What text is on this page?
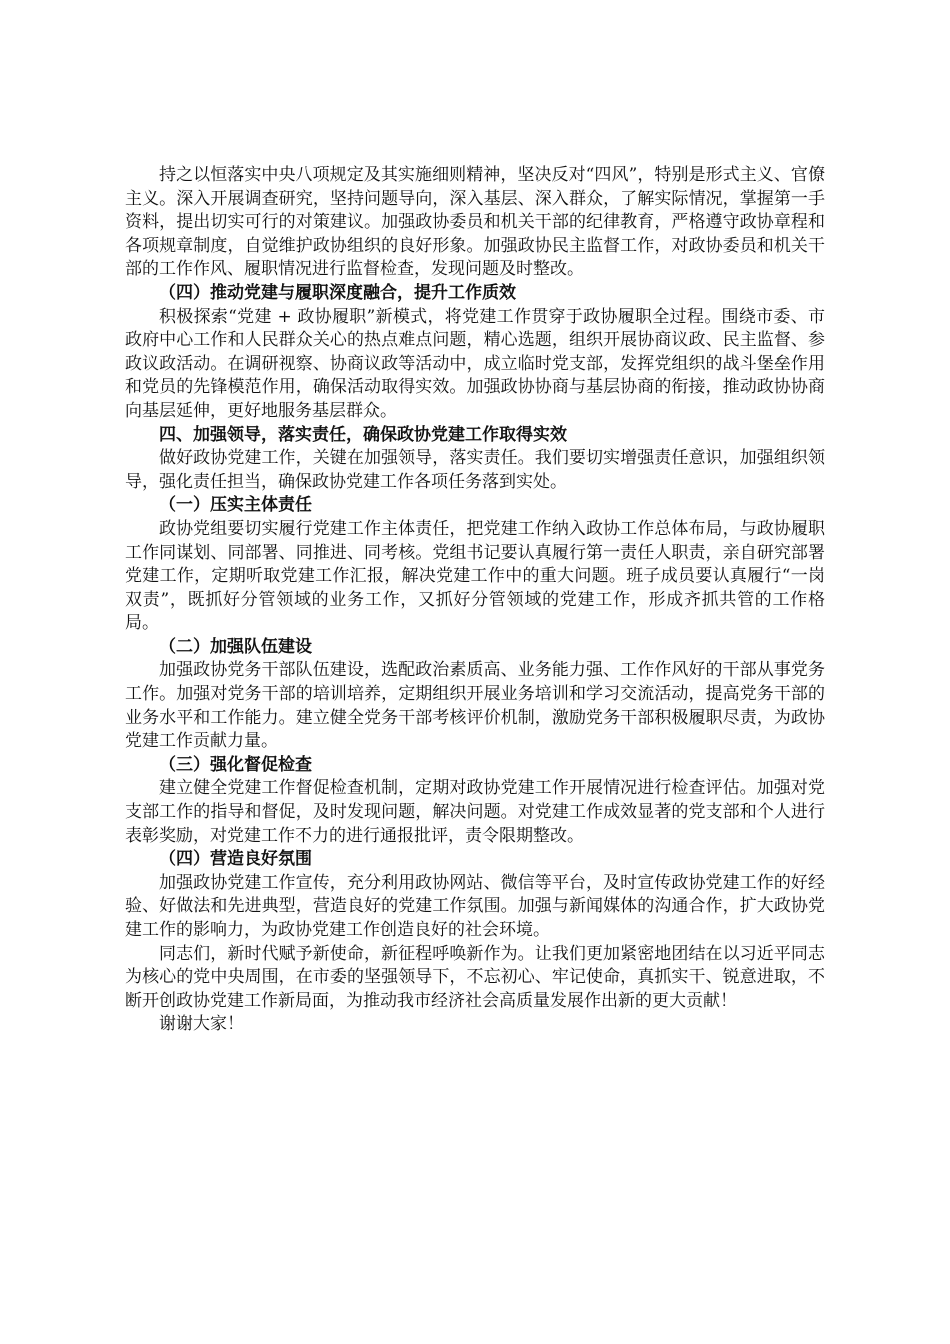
持之以恒落实中央八项规定及其实施细则精神，坚决反对“四风”，特别是形式主义、官僚主义。深入开展调查研究，坚持问题导向，深入基层、深入群众，了解实际情况，掌握第一手资料，提出切实可行的对策建议。加强政协委员和机关干部的纪律教育，严格遵守政协章程和各项规章制度，自觉维护政协组织的良好形象。加强政协民主监督工作，对政协委员和机关干部的工作作风、履职情况进行监督检查，发现问题及时整改。

（四）推动党建与履职深度融合，提升工作质效

积极探索“党建 + 政协履职”新模式，将党建工作贯穿于政协履职全过程。围绕市委、市政府中心工作和人民群众关心的热点难点问题，精心选题，组织开展协商议政、民主监督、参政议政活动。在调研视察、协商议政等活动中，成立临时党支部，发挥党组织的战斗堡垒作用和党员的先锋模范作用，确保活动取得实效。加强政协协商与基层协商的衔接，推动政协协商向基层延伸，更好地服务基层群众。

四、加强领导，落实责任，确保政协党建工作取得实效

做好政协党建工作，关键在加强领导，落实责任。我们要切实增强责任意识，加强组织领导，强化责任担当，确保政协党建工作各项任务落到实处。

（一）压实主体责任

政协党组要切实履行党建工作主体责任，把党建工作纳入政协工作总体布局，与政协履职工作同谋划、同部署、同推进、同考核。党组书记要认真履行第一责任人职责，亲自研究部署党建工作，定期听取党建工作汇报，解决党建工作中的重大问题。班子成员要认真履行“一岗双责”，既抓好分管领域的业务工作，又抓好分管领域的党建工作，形成齐抓共管的工作格局。

（二）加强队伍建设

加强政协党务干部队伍建设，选配政治素质高、业务能力强、工作作风好的干部从事党务工作。加强对党务干部的培训培养，定期组织开展业务培训和学习交流活动，提高党务干部的业务水平和工作能力。建立健全党务干部考核评价机制，激励党务干部积极履职尽责，为政协党建工作贡献力量。

（三）强化督促检查

建立健全党建工作督促检查机制，定期对政协党建工作开展情况进行检查评估。加强对党支部工作的指导和督促，及时发现问题，解决问题。对党建工作成效显著的党支部和个人进行表彰奖励，对党建工作不力的进行通报批评，责令限期整改。

（四）营造良好氛围

加强政协党建工作宣传，充分利用政协网站、微信等平台，及时宣传政协党建工作的好经验、好做法和先进典型，营造良好的党建工作氛围。加强与新闻媒体的沟通合作，扩大政协党建工作的影响力，为政协党建工作创造良好的社会环境。

同志们，新时代赋予新使命，新征程呼唤新作为。让我们更加紧密地团结在以习近平同志为核心的党中央周围，在市委的坚强领导下，不忘初心、牢记使命，真抓实干、锐意进取，不断开创政协党建工作新局面，为推动我市经济社会高质量发展作出新的更大贡献！

谢谢大家！
